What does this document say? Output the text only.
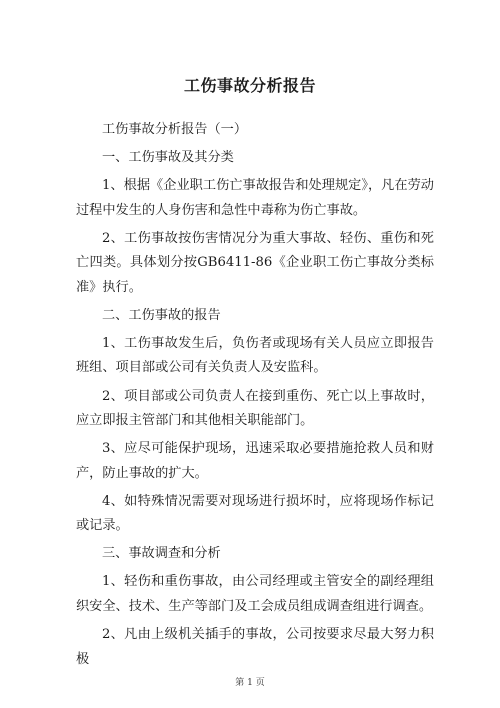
工伤事故分析报告

工伤事故分析报告（一）

一、工伤事故及其分类

1、根据《企业职工伤亡事故报告和处理规定》，凡在劳动过程中发生的人身伤害和急性中毒称为伤亡事故。

2、工伤事故按伤害情况分为重大事故、轻伤、重伤和死亡四类。具体划分按GB6411-86《企业职工伤亡事故分类标准》执行。

二、工伤事故的报告

1、工伤事故发生后，负伤者或现场有关人员应立即报告班组、项目部或公司有关负责人及安监科。

2、项目部或公司负责人在接到重伤、死亡以上事故时，应立即报主管部门和其他相关职能部门。

3、应尽可能保护现场，迅速采取必要措施抢救人员和财产，防止事故的扩大。

4、如特殊情况需要对现场进行损坏时，应将现场作标记或记录。

三、事故调查和分析

1、轻伤和重伤事故，由公司经理或主管安全的副经理组织安全、技术、生产等部门及工会成员组成调查组进行调查。

2、凡由上级机关插手的事故，公司按要求尽最大努力积极

第 1 页
